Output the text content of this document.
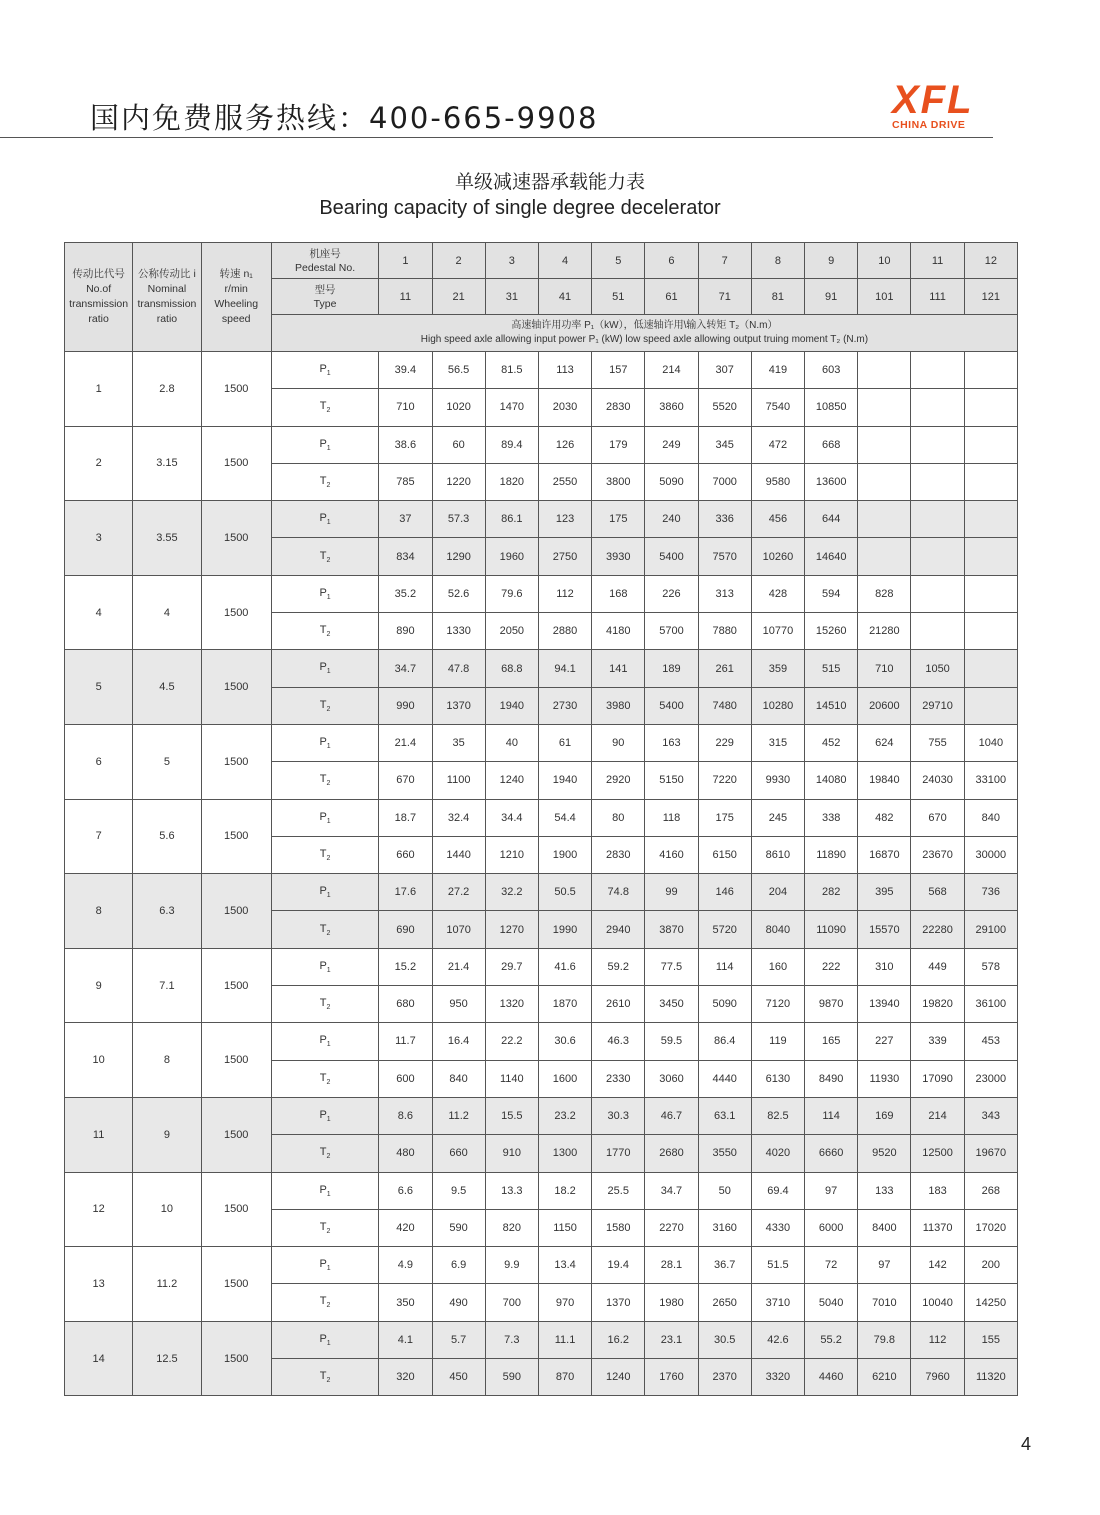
国内免费服务热线：400-665-9908	XFL
CHINA DRIVE
单级减速器承载能力表
Bearing capacity of single degree decelerator
传动比代号
No.of
transmission
ratio	公称传动比 i
Nominal
transmission
ratio	转速 n₁
r/min
Wheeling
speed	机座号
Pedestal No.	1	2	3	4	5	6	7	8	9	10	11	12

			型号
Type	11	21	31	41	51	61	71	81	91	101	111	121

			高速轴许用功率 P₁（kW），低速轴许用\输入转矩 T₂（N.m）
High speed axle allowing input power P₁ (kW) low speed axle allowing output truing moment T₂ (N.m)												

1	2.8	1500	$P_1$	39.4	56.5	81.5	113	157	214	307	419	603			
			$T_2$	710	1020	1470	2030	2830	3860	5520	7540	10850			
2	3.15	1500	$P_1$	38.6	60	89.4	126	179	249	345	472	668			
			$T_2$	785	1220	1820	2550	3800	5090	7000	9580	13600			
3	3.55	1500	$P_1$	37	57.3	86.1	123	175	240	336	456	644			
			$T_2$	834	1290	1960	2750	3930	5400	7570	10260	14640			
4	4	1500	$P_1$	35.2	52.6	79.6	112	168	226	313	428	594	828		
			$T_2$	890	1330	2050	2880	4180	5700	7880	10770	15260	21280		
5	4.5	1500	$P_1$	34.7	47.8	68.8	94.1	141	189	261	359	515	710	1050	
			$T_2$	990	1370	1940	2730	3980	5400	7480	10280	14510	20600	29710	
6	5	1500	$P_1$	21.4	35	40	61	90	163	229	315	452	624	755	1040
			$T_2$	670	1100	1240	1940	2920	5150	7220	9930	14080	19840	24030	33100
7	5.6	1500	$P_1$	18.7	32.4	34.4	54.4	80	118	175	245	338	482	670	840
			$T_2$	660	1440	1210	1900	2830	4160	6150	8610	11890	16870	23670	30000
8	6.3	1500	$P_1$	17.6	27.2	32.2	50.5	74.8	99	146	204	282	395	568	736
			$T_2$	690	1070	1270	1990	2940	3870	5720	8040	11090	15570	22280	29100
9	7.1	1500	$P_1$	15.2	21.4	29.7	41.6	59.2	77.5	114	160	222	310	449	578
			$T_2$	680	950	1320	1870	2610	3450	5090	7120	9870	13940	19820	36100
10	8	1500	$P_1$	11.7	16.4	22.2	30.6	46.3	59.5	86.4	119	165	227	339	453
			$T_2$	600	840	1140	1600	2330	3060	4440	6130	8490	11930	17090	23000
11	9	1500	$P_1$	8.6	11.2	15.5	23.2	30.3	46.7	63.1	82.5	114	169	214	343
			$T_2$	480	660	910	1300	1770	2680	3550	4020	6660	9520	12500	19670
12	10	1500	$P_1$	6.6	9.5	13.3	18.2	25.5	34.7	50	69.4	97	133	183	268
			$T_2$	420	590	820	1150	1580	2270	3160	4330	6000	8400	11370	17020
13	11.2	1500	$P_1$	4.9	6.9	9.9	13.4	19.4	28.1	36.7	51.5	72	97	142	200
			$T_2$	350	490	700	970	1370	1980	2650	3710	5040	7010	10040	14250
14	12.5	1500	$P_1$	4.1	5.7	7.3	11.1	16.2	23.1	30.5	42.6	55.2	79.8	112	155
			$T_2$	320	450	590	870	1240	1760	2370	3320	4460	6210	7960	11320
4
